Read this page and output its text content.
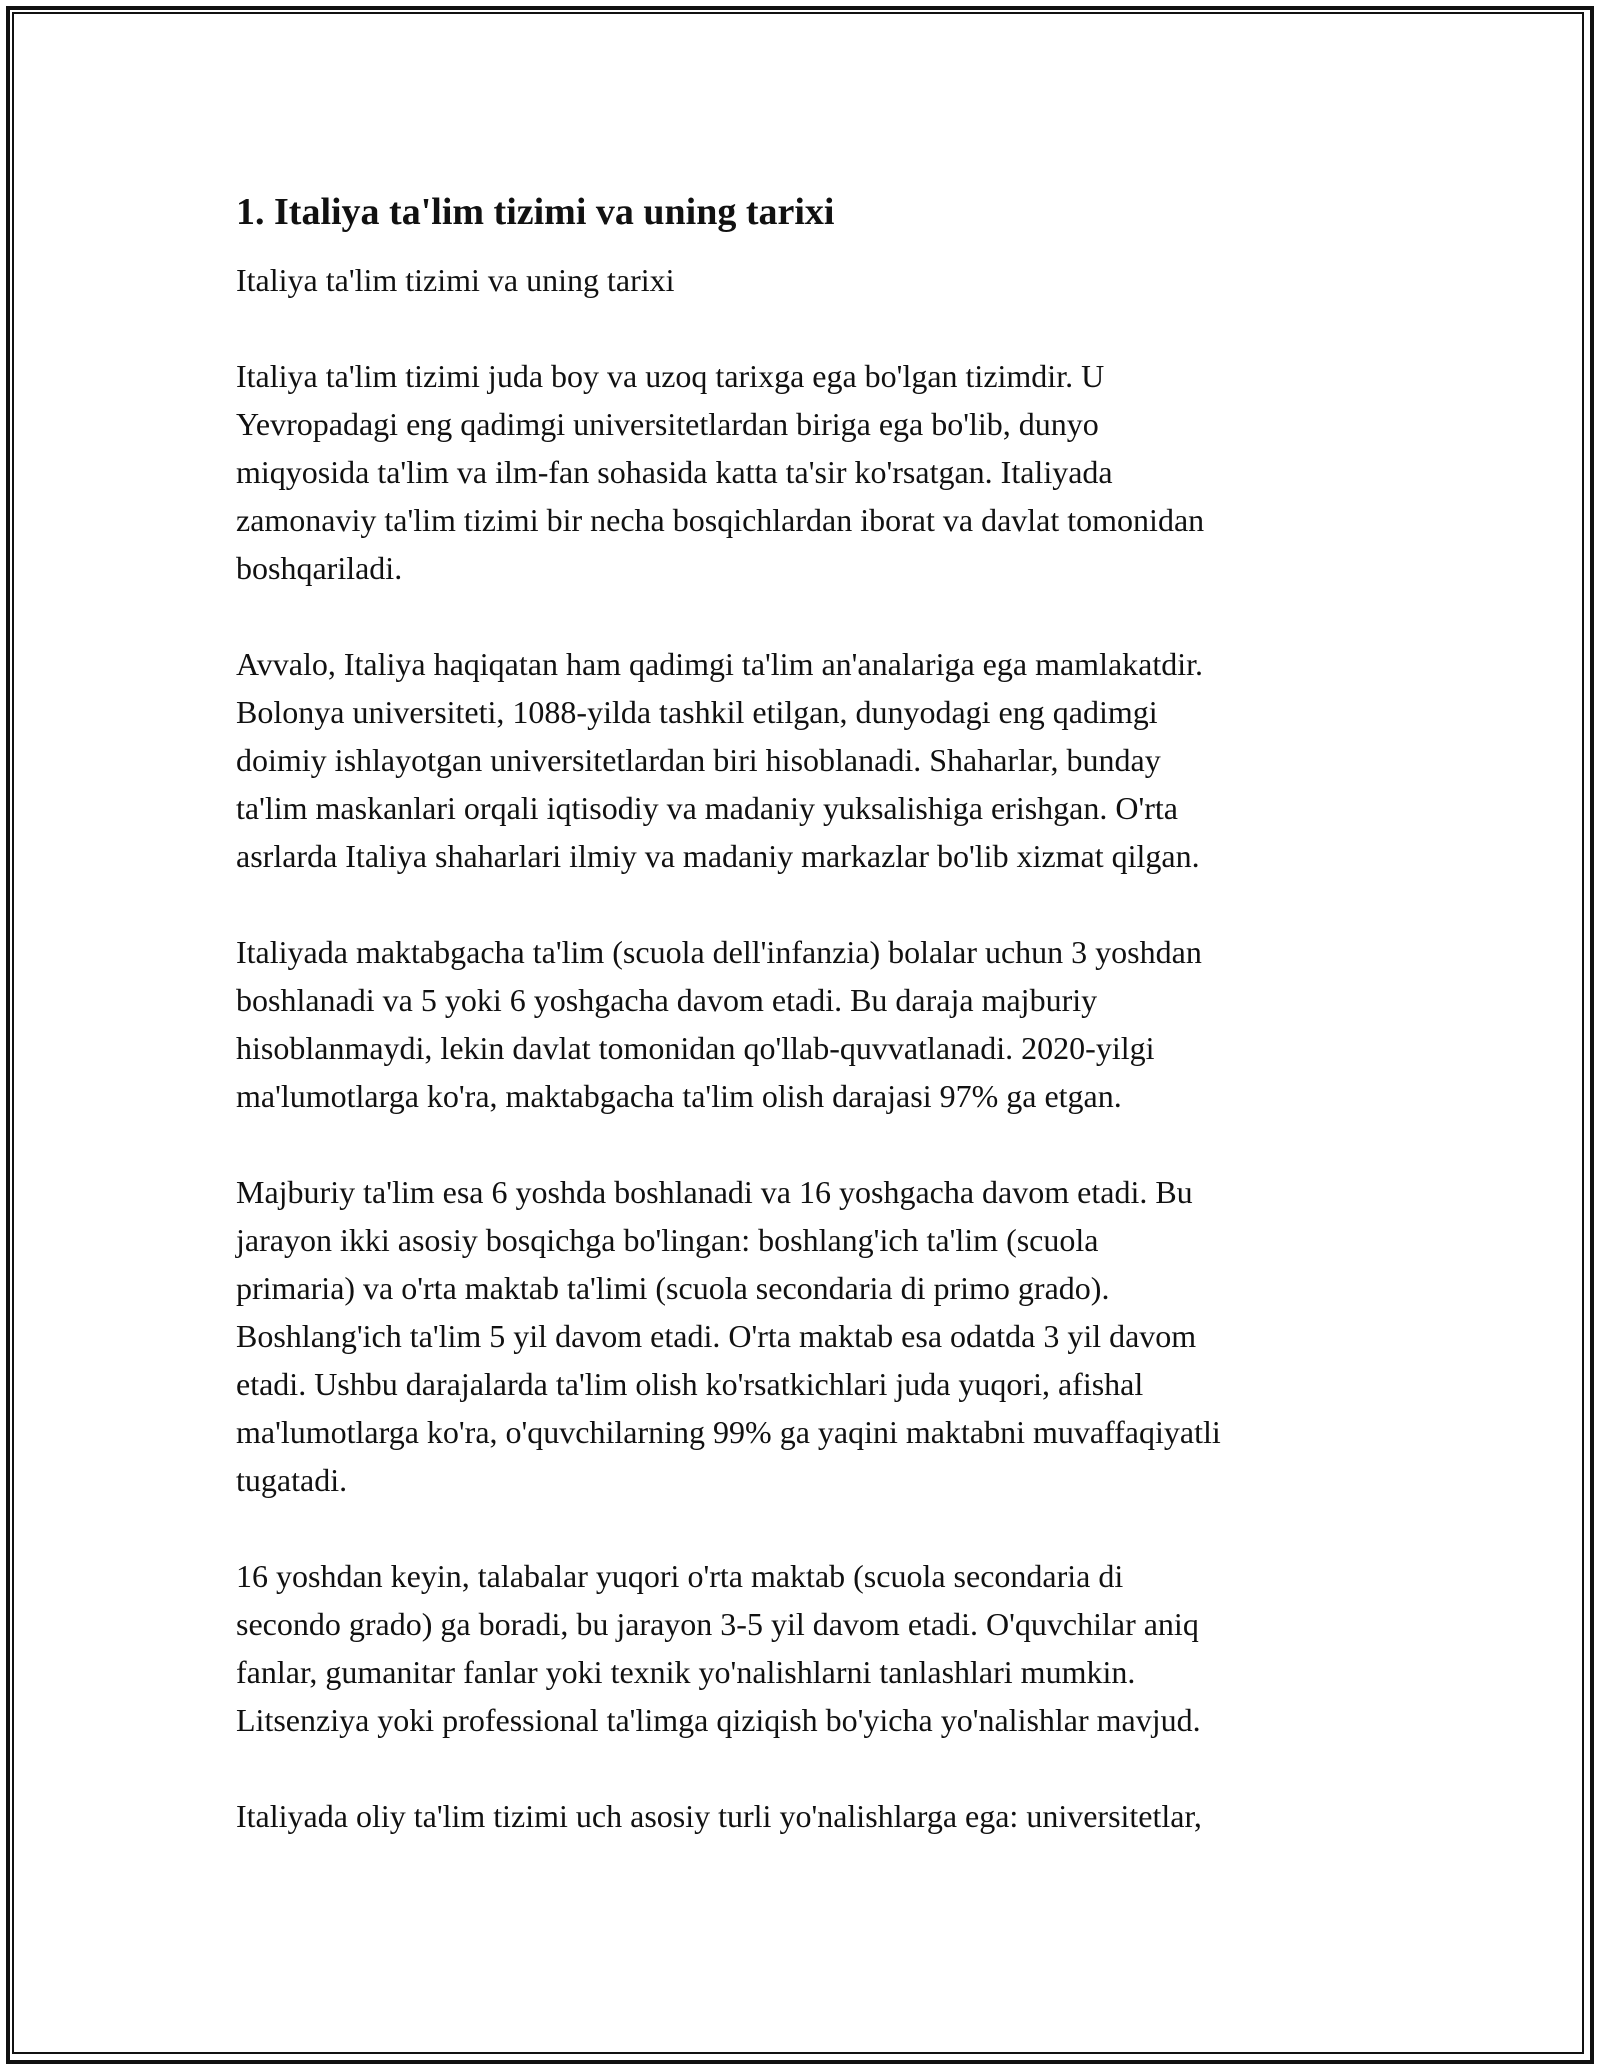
1. Italiya ta'lim tizimi va uning tarixi
Italiya ta'lim tizimi va uning tarixi
Italiya ta'lim tizimi juda boy va uzoq tarixga ega bo'lgan tizimdir. U
Yevropadagi eng qadimgi universitetlardan biriga ega bo'lib, dunyo
miqyosida ta'lim va ilm-fan sohasida katta ta'sir ko'rsatgan. Italiyada
zamonaviy ta'lim tizimi bir necha bosqichlardan iborat va davlat tomonidan
boshqariladi.
Avvalo, Italiya haqiqatan ham qadimgi ta'lim an'analariga ega mamlakatdir.
Bolonya universiteti, 1088-yilda tashkil etilgan, dunyodagi eng qadimgi
doimiy ishlayotgan universitetlardan biri hisoblanadi. Shaharlar, bunday
ta'lim maskanlari orqali iqtisodiy va madaniy yuksalishiga erishgan. O'rta
asrlarda Italiya shaharlari ilmiy va madaniy markazlar bo'lib xizmat qilgan.
Italiyada maktabgacha ta'lim (scuola dell'infanzia) bolalar uchun 3 yoshdan
boshlanadi va 5 yoki 6 yoshgacha davom etadi. Bu daraja majburiy
hisoblanmaydi, lekin davlat tomonidan qo'llab-quvvatlanadi. 2020-yilgi
ma'lumotlarga ko'ra, maktabgacha ta'lim olish darajasi 97% ga etgan.
Majburiy ta'lim esa 6 yoshda boshlanadi va 16 yoshgacha davom etadi. Bu
jarayon ikki asosiy bosqichga bo'lingan: boshlang'ich ta'lim (scuola
primaria) va o'rta maktab ta'limi (scuola secondaria di primo grado).
Boshlang'ich ta'lim 5 yil davom etadi. O'rta maktab esa odatda 3 yil davom
etadi. Ushbu darajalarda ta'lim olish ko'rsatkichlari juda yuqori, afishal
ma'lumotlarga ko'ra, o'quvchilarning 99% ga yaqini maktabni muvaffaqiyatli
tugatadi.
16 yoshdan keyin, talabalar yuqori o'rta maktab (scuola secondaria di
secondo grado) ga boradi, bu jarayon 3-5 yil davom etadi. O'quvchilar aniq
fanlar, gumanitar fanlar yoki texnik yo'nalishlarni tanlashlari mumkin.
Litsenziya yoki professional ta'limga qiziqish bo'yicha yo'nalishlar mavjud.
Italiyada oliy ta'lim tizimi uch asosiy turli yo'nalishlarga ega: universitetlar,
